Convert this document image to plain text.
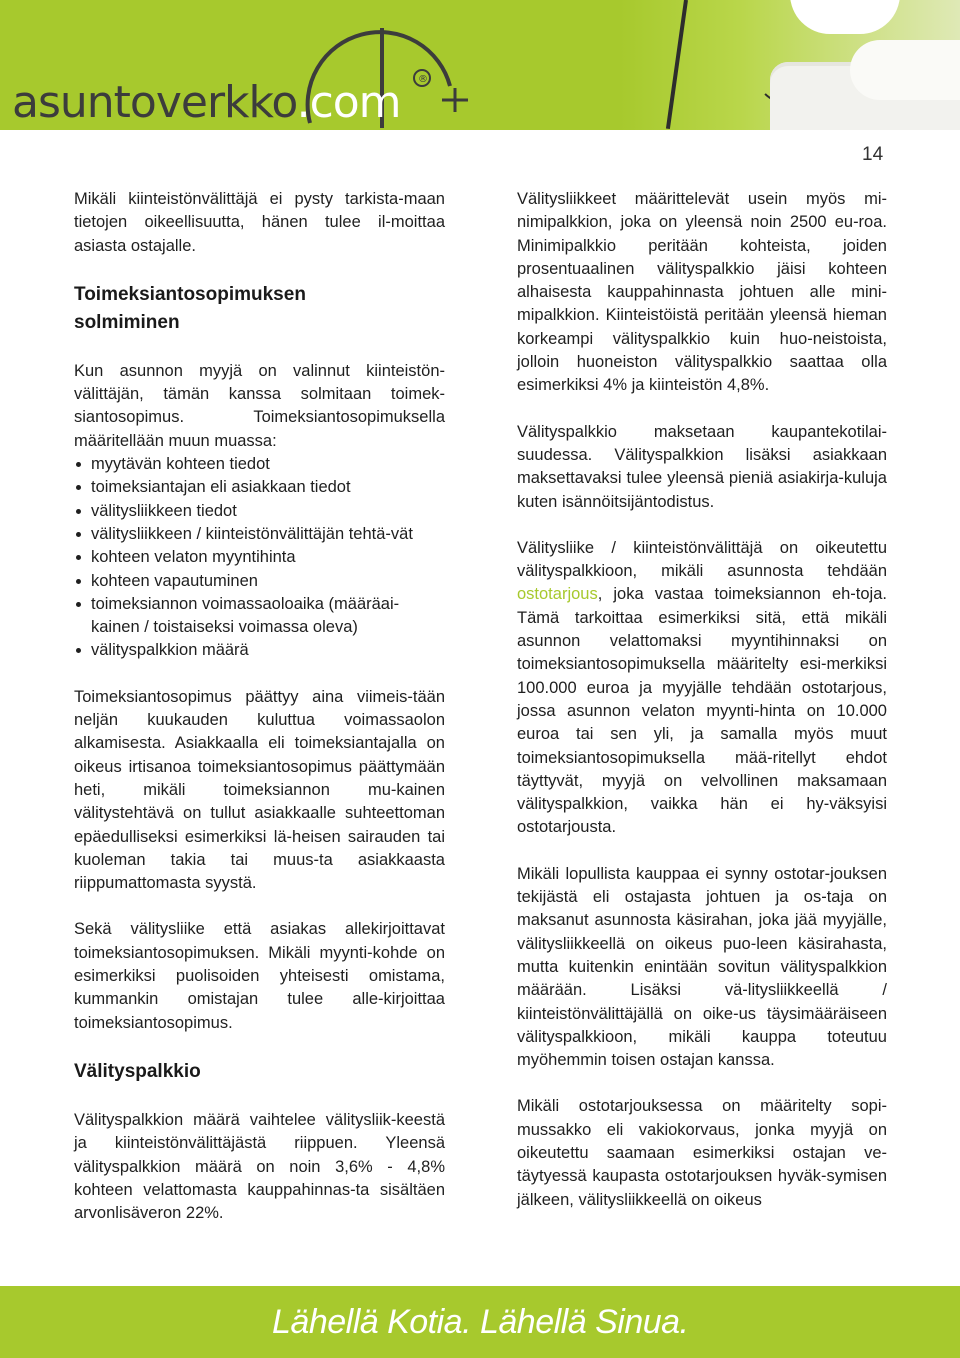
®
asuntoverkko.com
14

Mikäli kiinteistönvälittäjä ei pysty tarkista-maan tietojen oikeellisuutta, hänen tulee il-moittaa asiasta ostajalle.

Toimeksiantosopimuksen
solmiminen

Kun asunnon myyjä on valinnut kiinteistön-välittäjän, tämän kanssa solmitaan toimek-siantosopimus. Toimeksiantosopimuksella määritellään muun muassa:

myytävän kohteen tiedot
toimeksiantajan eli asiakkaan tiedot
välitysliikkeen tiedot
välitysliikkeen / kiinteistönvälittäjän tehtä-vät
kohteen velaton myyntihinta
kohteen vapautuminen
toimeksiannon voimassaoloaika (määräai-kainen / toistaiseksi voimassa oleva)
välityspalkkion määrä

Toimeksiantosopimus päättyy aina viimeis-tään neljän kuukauden kuluttua voimassaolon alkamisesta. Asiakkaalla eli toimeksiantajalla on oikeus irtisanoa toimeksiantosopimus päättymään heti, mikäli toimeksiannon mu-kainen välitystehtävä on tullut asiakkaalle suhteettoman epäedulliseksi esimerkiksi lä-heisen sairauden tai kuoleman takia tai muus-ta asiakkaasta riippumattomasta syystä.

Sekä välitysliike että asiakas allekirjoittavat toimeksiantosopimuksen. Mikäli myynti-kohde on esimerkiksi puolisoiden yhteisesti omistama, kummankin omistajan tulee alle-kirjoittaa toimeksiantosopimus.

Välityspalkkio

Välityspalkkion määrä vaihtelee välitysliik-keestä ja kiinteistönvälittäjästä riippuen. Yleensä välityspalkkion määrä on noin 3,6% - 4,8% kohteen velattomasta kauppahinnas-ta sisältäen arvonlisäveron 22%.

Välitysliikkeet määrittelevät usein myös mi-nimipalkkion, joka on yleensä noin 2500 eu-roa. Minimipalkkio peritään kohteista, joiden prosentuaalinen välityspalkkio jäisi kohteen alhaisesta kauppahinnasta johtuen alle mini-mipalkkion. Kiinteistöistä peritään yleensä hieman korkeampi välityspalkkio kuin huo-neistoista, jolloin huoneiston välityspalkkio saattaa olla esimerkiksi 4% ja kiinteistön 4,8%.

Välityspalkkio maksetaan kaupantekotilai-suudessa. Välityspalkkion lisäksi asiakkaan maksettavaksi tulee yleensä pieniä asiakirja-kuluja kuten isännöitsijäntodistus.

Välitysliike / kiinteistönvälittäjä on oikeutettu välityspalkkioon, mikäli asunnosta tehdään ostotarjous, joka vastaa toimeksiannon eh-toja. Tämä tarkoittaa esimerkiksi sitä, että mikäli asunnon velattomaksi myyntihinnaksi on toimeksiantosopimuksella määritelty esi-merkiksi 100.000 euroa ja myyjälle tehdään ostotarjous, jossa asunnon velaton myynti-hinta on 10.000 euroa tai sen yli, ja samalla myös muut toimeksiantosopimuksella mää-ritellyt ehdot täyttyvät, myyjä on velvollinen maksamaan välityspalkkion, vaikka hän ei hy-väksyisi ostotarjousta.

Mikäli lopullista kauppaa ei synny ostotar-jouksen tekijästä eli ostajasta johtuen ja os-taja on maksanut asunnosta käsirahan, joka jää myyjälle, välitysliikkeellä on oikeus puo-leen käsirahasta, mutta kuitenkin enintään sovitun välityspalkkion määrään. Lisäksi vä-litysliikkeellä / kiinteistönvälittäjällä on oike-us täysimääräiseen välityspalkkioon, mikäli kauppa toteutuu myöhemmin toisen ostajan kanssa.

Mikäli ostotarjouksessa on määritelty sopi-mussakko eli vakiokorvaus, jonka myyjä on oikeutettu saamaan esimerkiksi ostajan ve-täytyessä kaupasta ostotarjouksen hyväk-symisen jälkeen, välitysliikkeellä on oikeus

Lähellä Kotia. Lähellä Sinua.
